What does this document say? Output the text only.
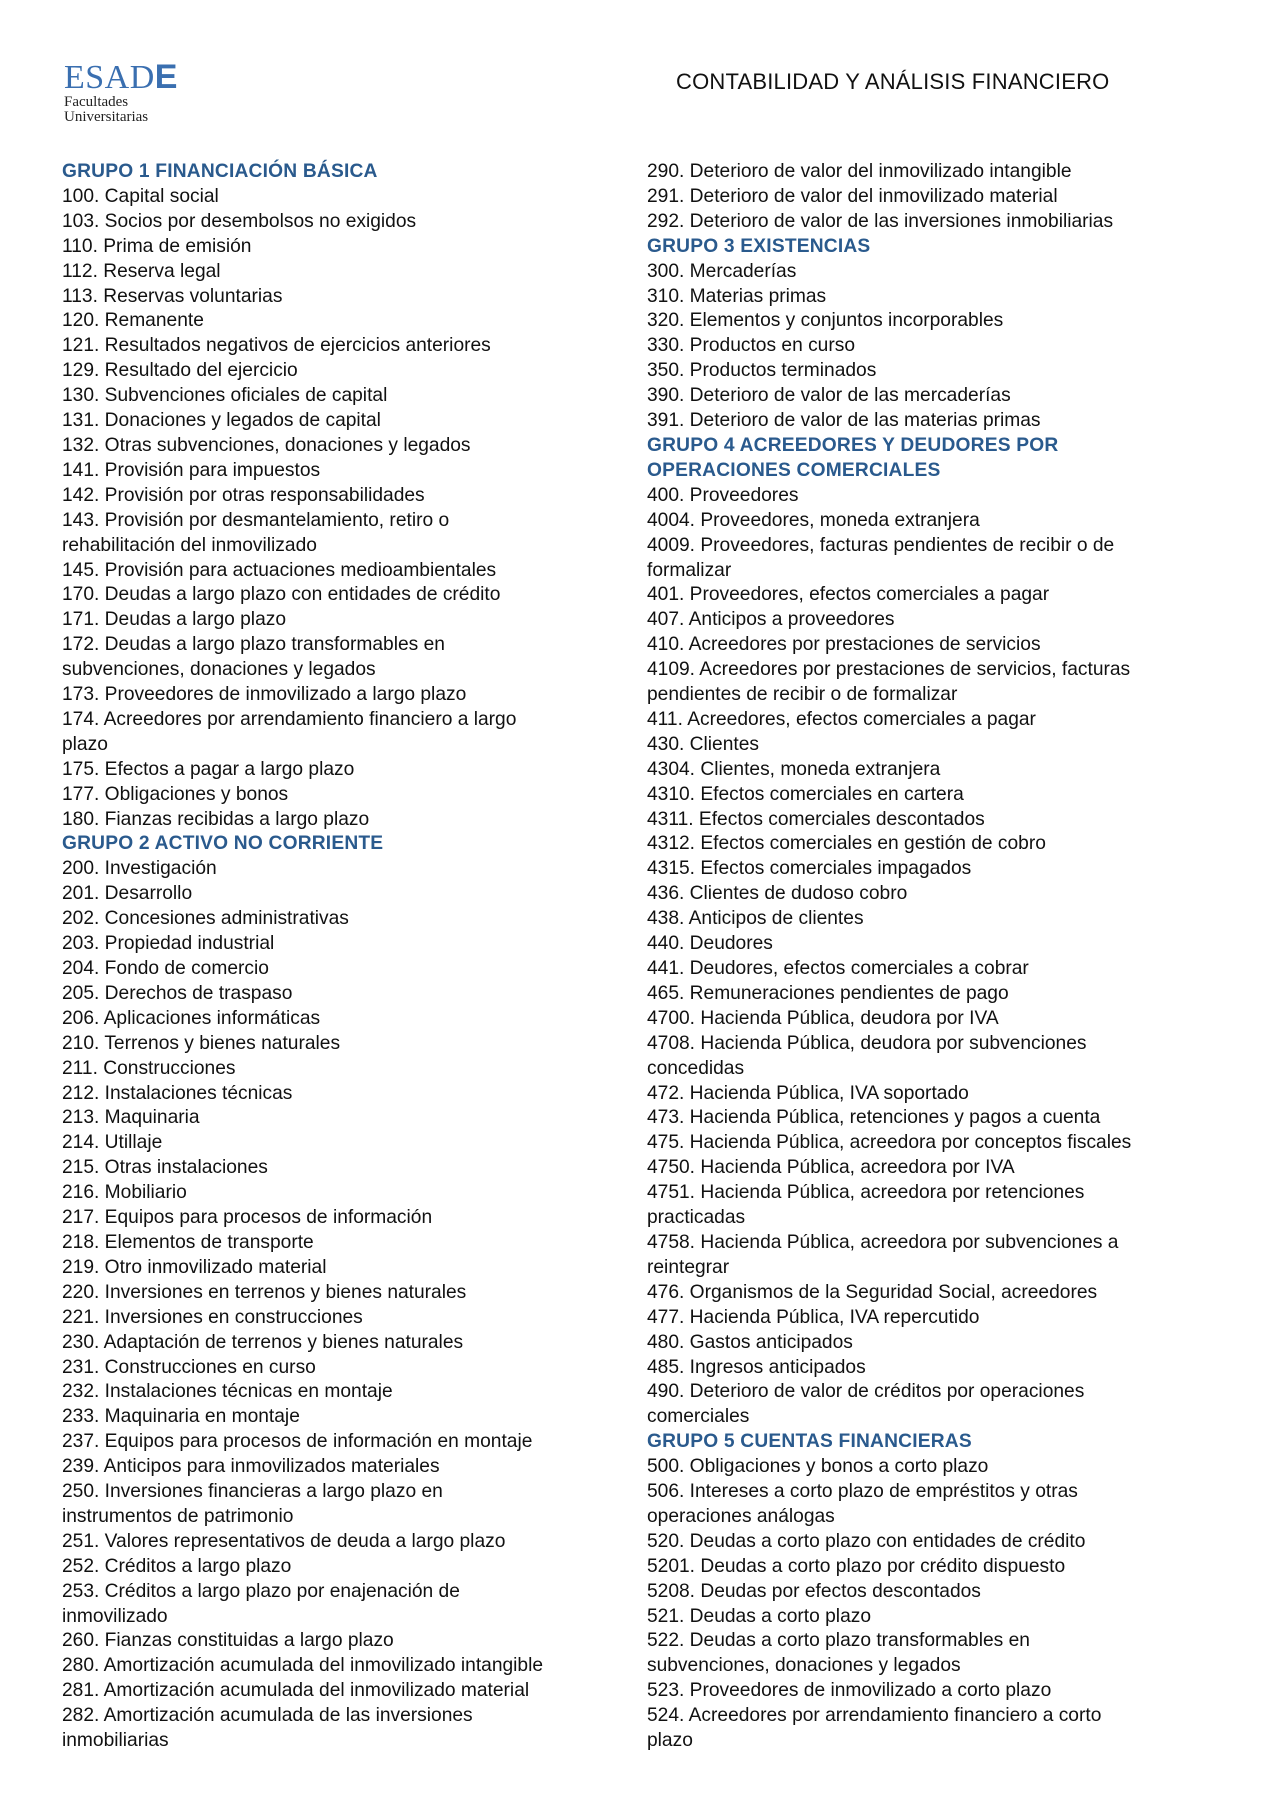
ESADE
Facultades
Universitarias
CONTABILIDAD Y ANÁLISIS FINANCIERO
GRUPO 1 FINANCIACIÓN BÁSICA
100. Capital social
103. Socios por desembolsos no exigidos
110. Prima de emisión
112. Reserva legal
113. Reservas voluntarias
120. Remanente
121. Resultados negativos de ejercicios anteriores
129. Resultado del ejercicio
130. Subvenciones oficiales de capital
131. Donaciones y legados de capital
132. Otras subvenciones, donaciones y legados
141. Provisión para impuestos
142. Provisión por otras responsabilidades
143. Provisión por desmantelamiento, retiro o
rehabilitación del inmovilizado
145. Provisión para actuaciones medioambientales
170. Deudas a largo plazo con entidades de crédito
171. Deudas a largo plazo
172. Deudas a largo plazo transformables en
subvenciones, donaciones y legados
173. Proveedores de inmovilizado a largo plazo
174. Acreedores por arrendamiento financiero a largo
plazo
175. Efectos a pagar a largo plazo
177. Obligaciones y bonos
180. Fianzas recibidas a largo plazo
GRUPO 2 ACTIVO NO CORRIENTE
200. Investigación
201. Desarrollo
202. Concesiones administrativas
203. Propiedad industrial
204. Fondo de comercio
205. Derechos de traspaso
206. Aplicaciones informáticas
210. Terrenos y bienes naturales
211. Construcciones
212. Instalaciones técnicas
213. Maquinaria
214. Utillaje
215. Otras instalaciones
216. Mobiliario
217. Equipos para procesos de información
218. Elementos de transporte
219. Otro inmovilizado material
220. Inversiones en terrenos y bienes naturales
221. Inversiones en construcciones
230. Adaptación de terrenos y bienes naturales
231. Construcciones en curso
232. Instalaciones técnicas en montaje
233. Maquinaria en montaje
237. Equipos para procesos de información en montaje
239. Anticipos para inmovilizados materiales
250. Inversiones financieras a largo plazo en
instrumentos de patrimonio
251. Valores representativos de deuda a largo plazo
252. Créditos a largo plazo
253. Créditos a largo plazo por enajenación de
inmovilizado
260. Fianzas constituidas a largo plazo
280. Amortización acumulada del inmovilizado intangible
281. Amortización acumulada del inmovilizado material
282. Amortización acumulada de las inversiones
inmobiliarias
290. Deterioro de valor del inmovilizado intangible
291. Deterioro de valor del inmovilizado material
292. Deterioro de valor de las inversiones inmobiliarias
GRUPO 3 EXISTENCIAS
300. Mercaderías
310. Materias primas
320. Elementos y conjuntos incorporables
330. Productos en curso
350. Productos terminados
390. Deterioro de valor de las mercaderías
391. Deterioro de valor de las materias primas
GRUPO 4 ACREEDORES Y DEUDORES POR
OPERACIONES COMERCIALES
400. Proveedores
4004. Proveedores, moneda extranjera
4009. Proveedores, facturas pendientes de recibir o de
formalizar
401. Proveedores, efectos comerciales a pagar
407. Anticipos a proveedores
410. Acreedores por prestaciones de servicios
4109. Acreedores por prestaciones de servicios, facturas
pendientes de recibir o de formalizar
411. Acreedores, efectos comerciales a pagar
430. Clientes
4304. Clientes, moneda extranjera
4310. Efectos comerciales en cartera
4311. Efectos comerciales descontados
4312. Efectos comerciales en gestión de cobro
4315. Efectos comerciales impagados
436. Clientes de dudoso cobro
438. Anticipos de clientes
440. Deudores
441. Deudores, efectos comerciales a cobrar
465. Remuneraciones pendientes de pago
4700. Hacienda Pública, deudora por IVA
4708. Hacienda Pública, deudora por subvenciones
concedidas
472. Hacienda Pública, IVA soportado
473. Hacienda Pública, retenciones y pagos a cuenta
475. Hacienda Pública, acreedora por conceptos fiscales
4750. Hacienda Pública, acreedora por IVA
4751. Hacienda Pública, acreedora por retenciones
practicadas
4758. Hacienda Pública, acreedora por subvenciones a
reintegrar
476. Organismos de la Seguridad Social, acreedores
477. Hacienda Pública, IVA repercutido
480. Gastos anticipados
485. Ingresos anticipados
490. Deterioro de valor de créditos por operaciones
comerciales
GRUPO 5 CUENTAS FINANCIERAS
500. Obligaciones y bonos a corto plazo
506. Intereses a corto plazo de empréstitos y otras
operaciones análogas
520. Deudas a corto plazo con entidades de crédito
5201. Deudas a corto plazo por crédito dispuesto
5208. Deudas por efectos descontados
521. Deudas a corto plazo
522. Deudas a corto plazo transformables en
subvenciones, donaciones y legados
523. Proveedores de inmovilizado a corto plazo
524. Acreedores por arrendamiento financiero a corto
plazo
